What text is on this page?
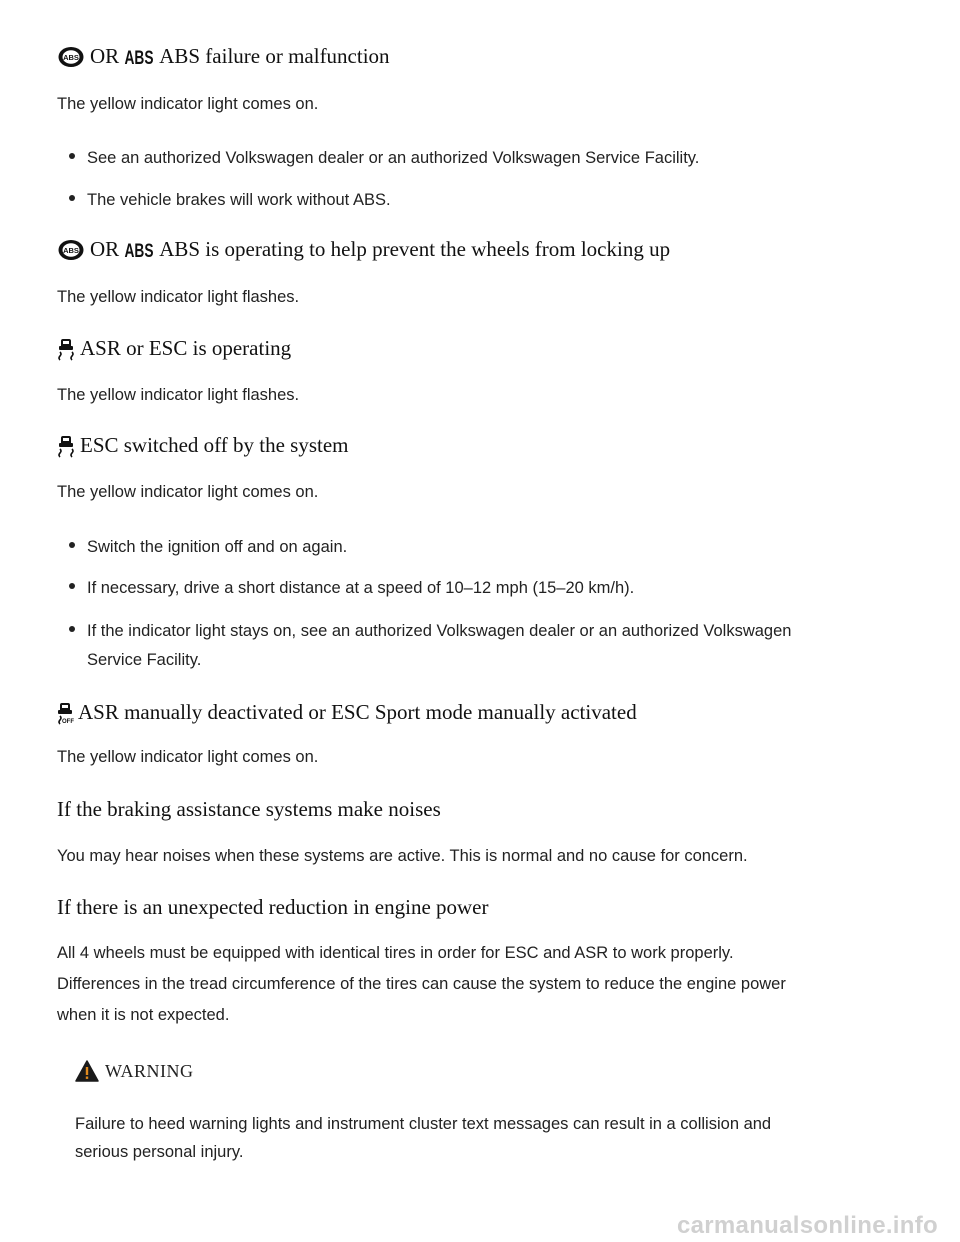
ABS OR ABS ABS failure or malfunction
The yellow indicator light comes on.
See an authorized Volkswagen dealer or an authorized Volkswagen Service Facility.
The vehicle brakes will work without ABS.
ABS OR ABS ABS is operating to help prevent the wheels from locking up
The yellow indicator light flashes.
ASR or ESC is operating
The yellow indicator light flashes.
ESC switched off by the system
The yellow indicator light comes on.
Switch the ignition off and on again.
If necessary, drive a short distance at a speed of 10–12 mph (15–20 km/h).
If the indicator light stays on, see an authorized Volkswagen dealer or an authorized Volkswagen
Service Facility.
OFF ASR manually deactivated or ESC Sport mode manually activated
The yellow indicator light comes on.
If the braking assistance systems make noises
You may hear noises when these systems are active. This is normal and no cause for concern.
If there is an unexpected reduction in engine power
All 4 wheels must be equipped with identical tires in order for ESC and ASR to work properly.
Differences in the tread circumference of the tires can cause the system to reduce the engine power
when it is not expected.
WARNING
Failure to heed warning lights and instrument cluster text messages can result in a collision and
serious personal injury.
carmanualsonline.info
